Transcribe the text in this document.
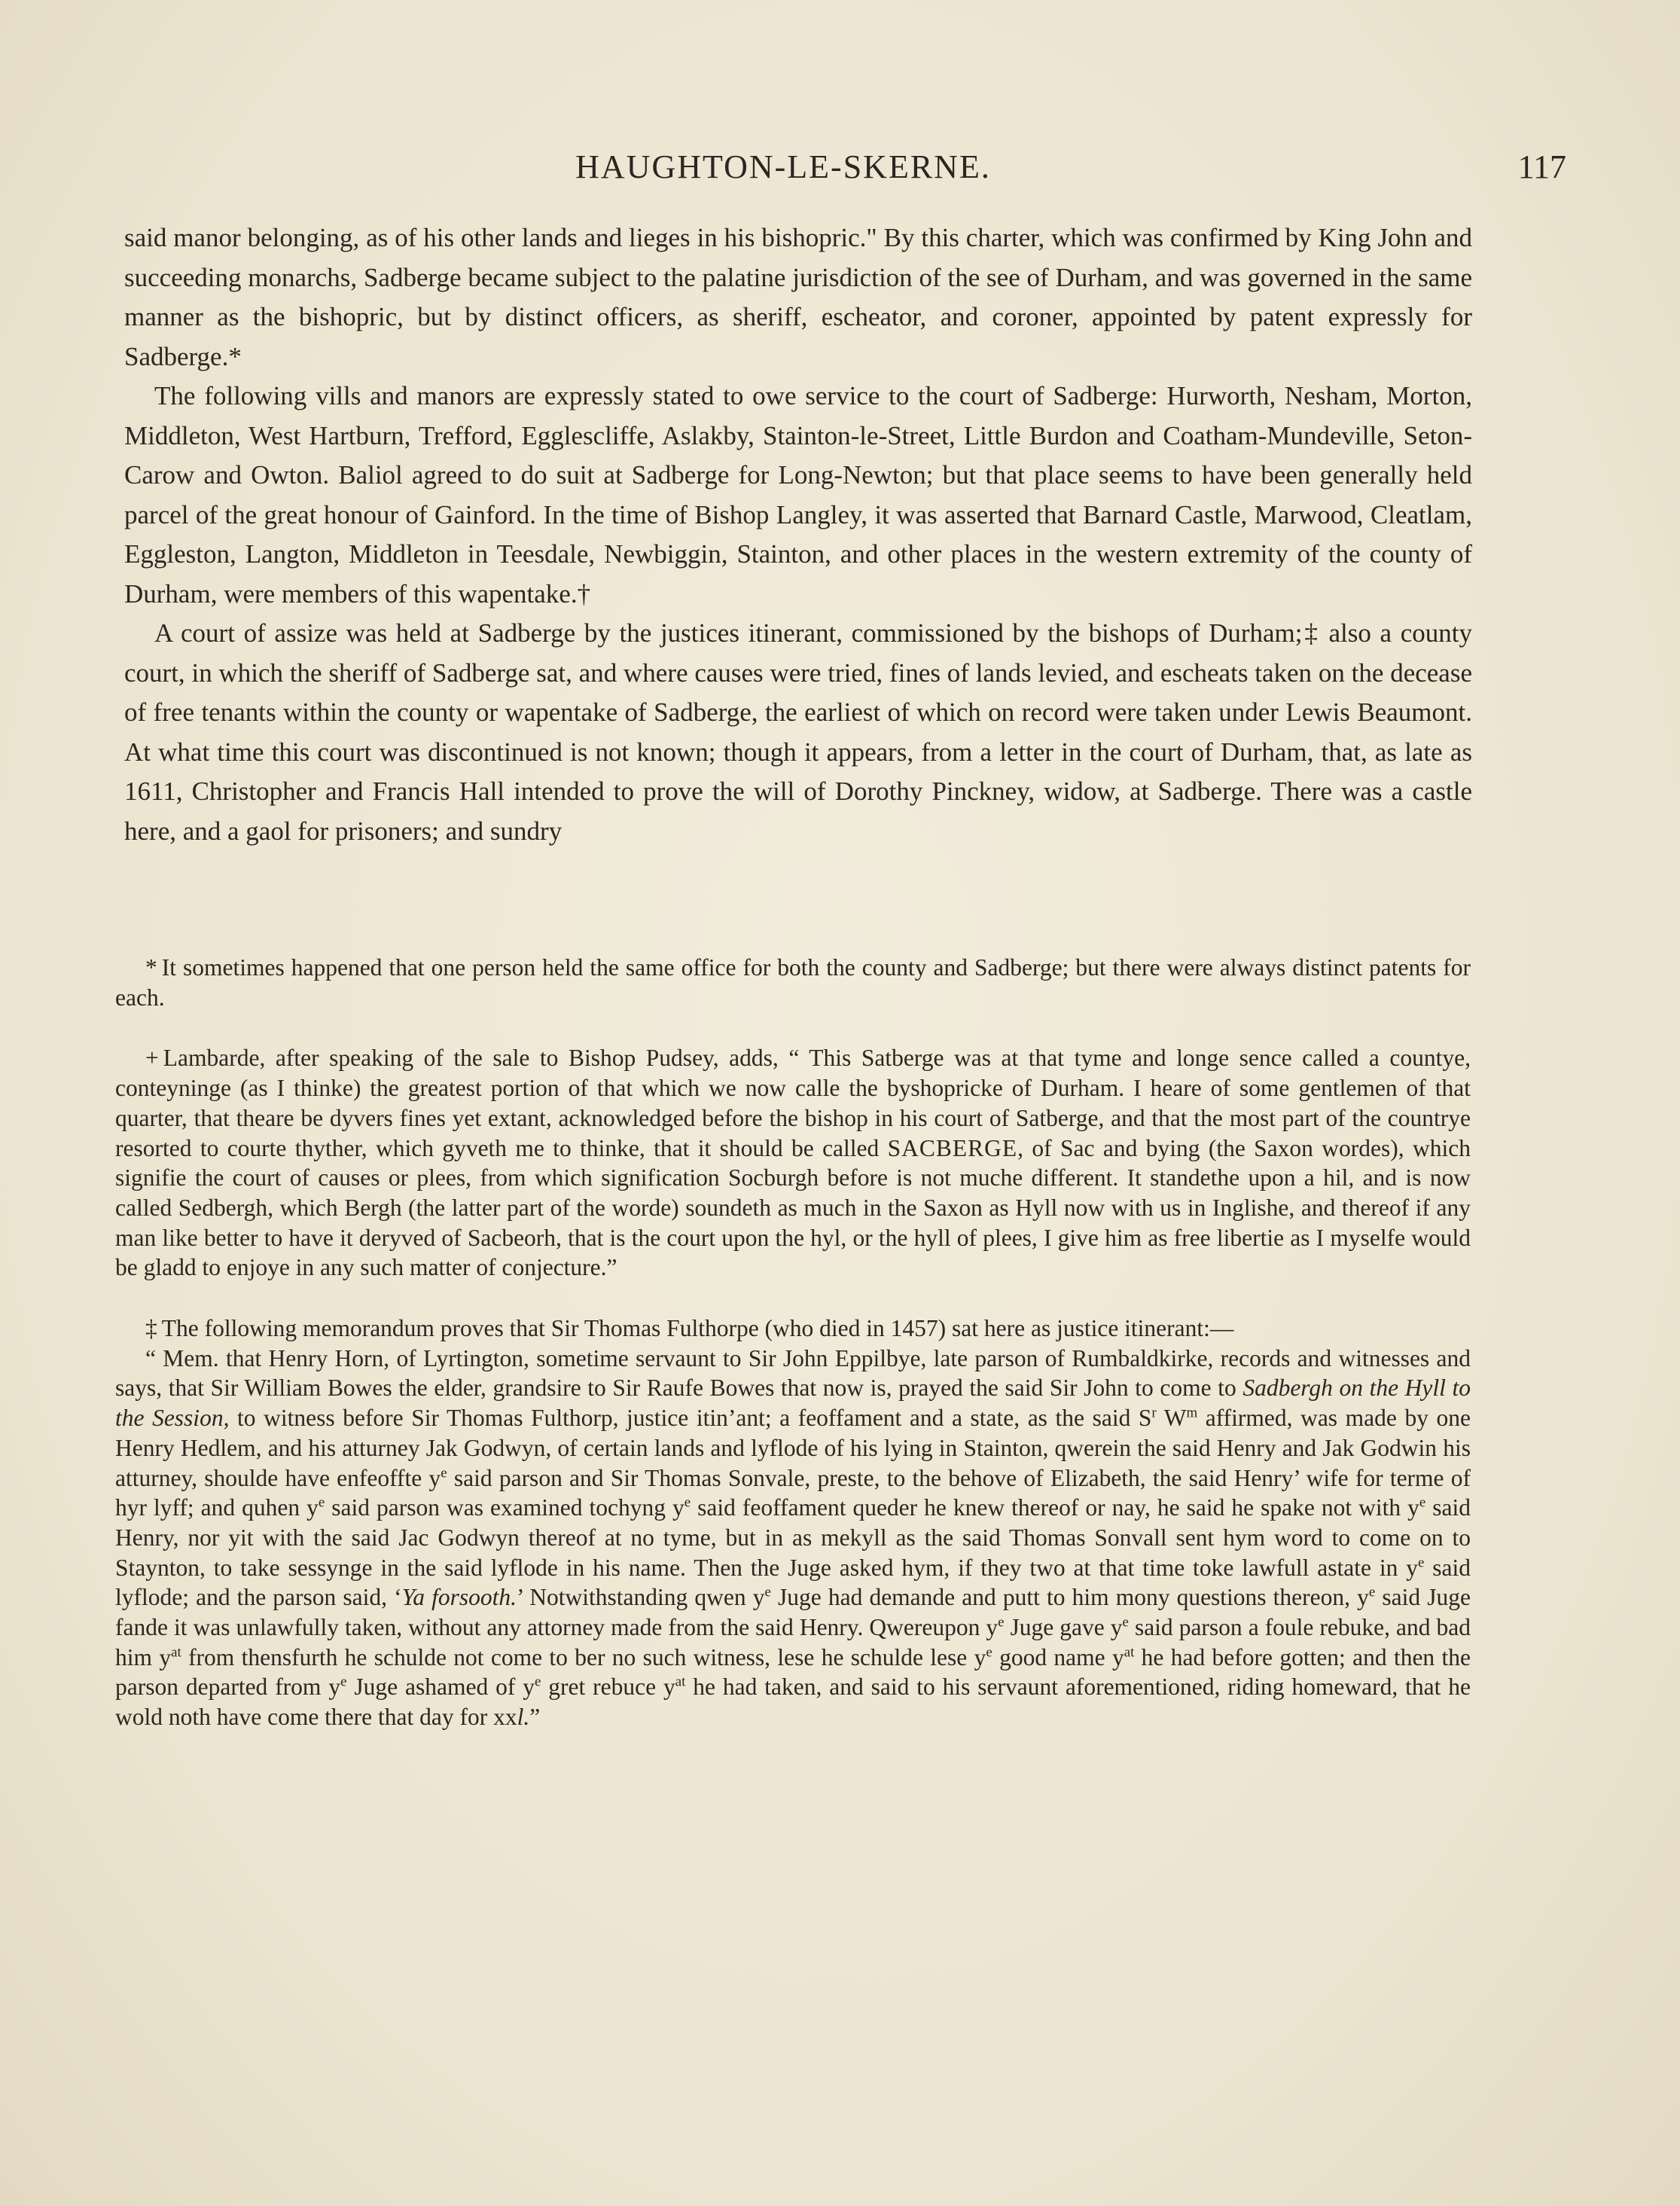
HAUGHTON-LE-SKERNE.	117

said manor belonging, as of his other lands and lieges in his bishopric." By this charter, which was confirmed by King John and succeeding monarchs, Sadberge became subject to the palatine jurisdiction of the see of Durham, and was governed in the same manner as the bishopric, but by distinct officers, as sheriff, escheator, and coroner, appointed by patent expressly for Sadberge.*

The following vills and manors are expressly stated to owe service to the court of Sadberge: Hurworth, Nesham, Morton, Middleton, West Hartburn, Trefford, Egglescliffe, Aslakby, Stainton-le-Street, Little Burdon and Coatham-Mundeville, Seton-Carow and Owton. Baliol agreed to do suit at Sadberge for Long-Newton; but that place seems to have been generally held parcel of the great honour of Gainford. In the time of Bishop Langley, it was asserted that Barnard Castle, Marwood, Cleatlam, Eggleston, Langton, Middleton in Teesdale, Newbiggin, Stainton, and other places in the western extremity of the county of Durham, were members of this wapentake.†

A court of assize was held at Sadberge by the justices itinerant, commissioned by the bishops of Durham;‡ also a county court, in which the sheriff of Sadberge sat, and where causes were tried, fines of lands levied, and escheats taken on the decease of free tenants within the county or wapentake of Sadberge, the earliest of which on record were taken under Lewis Beaumont. At what time this court was discontinued is not known; though it appears, from a letter in the court of Durham, that, as late as 1611, Christopher and Francis Hall intended to prove the will of Dorothy Pinckney, widow, at Sadberge. There was a castle here, and a gaol for prisoners; and sundry

* It sometimes happened that one person held the same office for both the county and Sadberge; but there were always distinct patents for each.

+ Lambarde, after speaking of the sale to Bishop Pudsey, adds, “ This Satberge was at that tyme and longe sence called a countye, conteyninge (as I thinke) the greatest portion of that which we now calle the byshopricke of Durham. I heare of some gentlemen of that quarter, that theare be dyvers fines yet extant, acknowledged before the bishop in his court of Satberge, and that the most part of the countrye resorted to courte thyther, which gyveth me to thinke, that it should be called SACBERGE, of Sac and bying (the Saxon wordes), which signifie the court of causes or plees, from which signification Socburgh before is not muche different. It standethe upon a hil, and is now called Sedbergh, which Bergh (the latter part of the worde) soundeth as much in the Saxon as Hyll now with us in Inglishe, and thereof if any man like better to have it deryved of Sacbeorh, that is the court upon the hyl, or the hyll of plees, I give him as free libertie as I myselfe would be gladd to enjoye in any such matter of conjecture.”

‡ The following memorandum proves that Sir Thomas Fulthorpe (who died in 1457) sat here as justice itinerant:—

“ Mem. that Henry Horn, of Lyrtington, sometime servaunt to Sir John Eppilbye, late parson of Rumbaldkirke, records and witnesses and says, that Sir William Bowes the elder, grandsire to Sir Raufe Bowes that now is, prayed the said Sir John to come to Sadbergh on the Hyll to the Session, to witness before Sir Thomas Fulthorp, justice itin’ant; a feoffament and a state, as the said $S^r$ $W^m$ affirmed, was made by one Henry Hedlem, and his atturney Jak Godwyn, of certain lands and lyflode of his lying in Stainton, qwerein the said Henry and Jak Godwin his atturney, shoulde have enfeoffte $y^e$ said parson and Sir Thomas Sonvale, preste, to the behove of Elizabeth, the said Henry’ wife for terme of hyr lyff; and quhen $y^e$ said parson was examined tochyng $y^e$ said feoffament queder he knew thereof or nay, he said he spake not with $y^e$ said Henry, nor yit with the said Jac Godwyn thereof at no tyme, but in as mekyll as the said Thomas Sonvall sent hym word to come on to Staynton, to take sessynge in the said lyflode in his name. Then the Juge asked hym, if they two at that time toke lawfull astate in $y^e$ said lyflode; and the parson said, ‘Ya forsooth.’ Notwithstanding qwen $y^e$ Juge had demande and putt to him mony questions thereon, $y^e$ said Juge fande it was unlawfully taken, without any attorney made from the said Henry. Qwereupon $y^e$ Juge gave $y^e$ said parson a foule rebuke, and bad him $y^{at}$ from thensfurth he schulde not come to ber no such witness, lese he schulde lese $y^e$ good name $y^{at}$ he had before gotten; and then the parson departed from $y^e$ Juge ashamed of $y^e$ gret rebuce $y^{at}$ he had taken, and said to his servaunt aforementioned, riding homeward, that he wold noth have come there that day for xxl.”
